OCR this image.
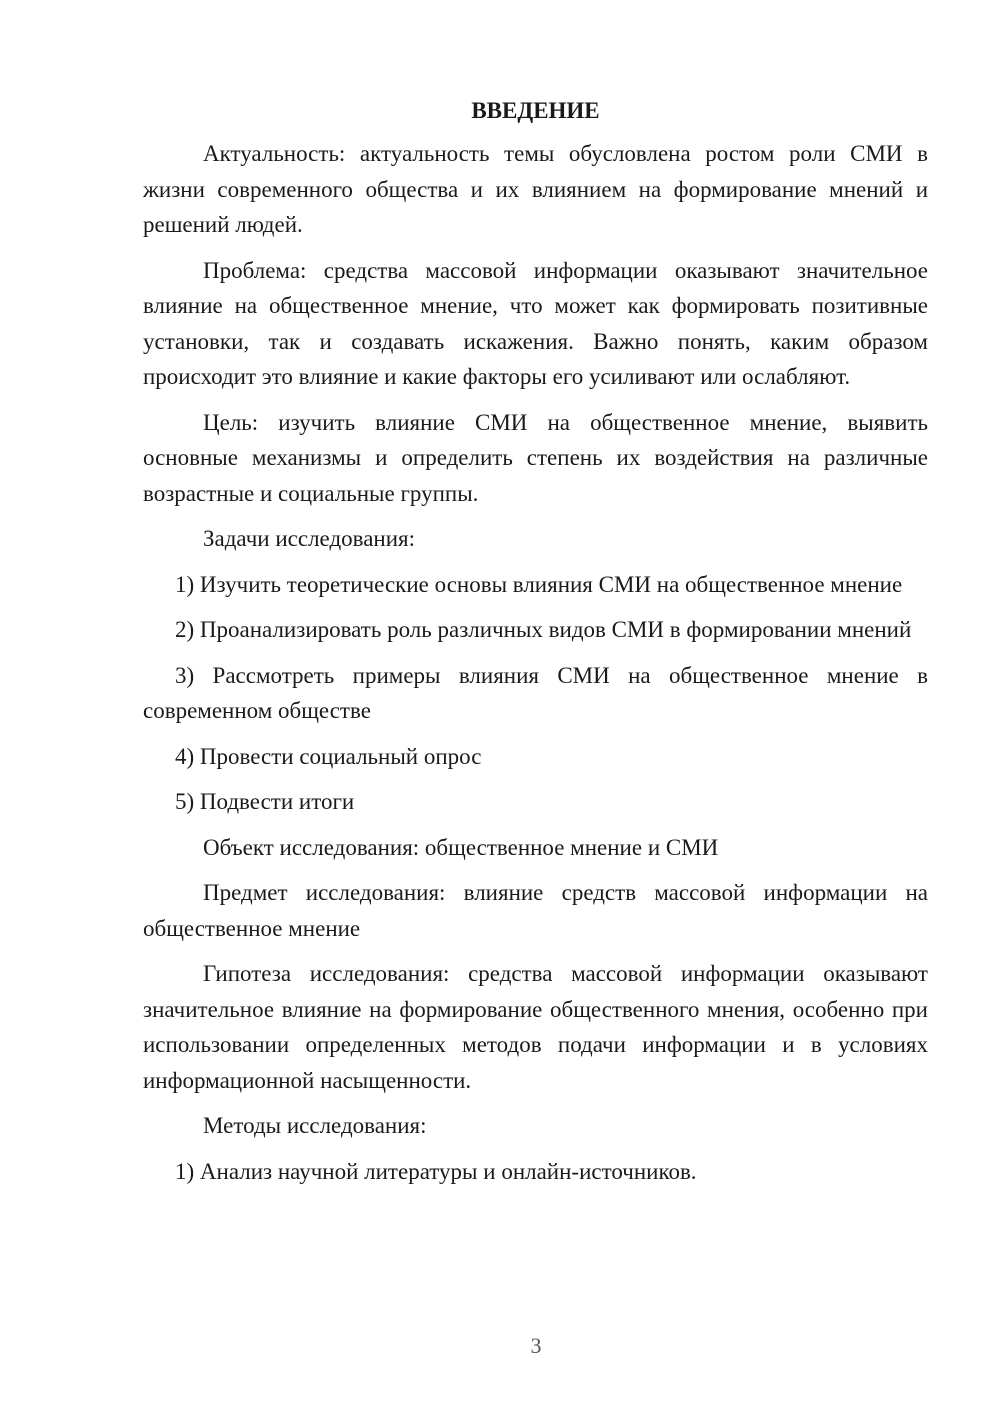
ВВЕДЕНИЕ

Актуальность: актуальность темы обусловлена ростом роли СМИ в жизни современного общества и их влиянием на формирование мнений и решений людей.

Проблема: средства массовой информации оказывают значительное влияние на общественное мнение, что может как формировать позитивные установки, так и создавать искажения. Важно понять, каким образом происходит это влияние и какие факторы его усиливают или ослабляют.

Цель: изучить влияние СМИ на общественное мнение, выявить основные механизмы и определить степень их воздействия на различные возрастные и социальные группы.

Задачи исследования:

1) Изучить теоретические основы влияния СМИ на общественное мнение

2) Проанализировать роль различных видов СМИ в формировании мнений

3) Рассмотреть примеры влияния СМИ на общественное мнение в современном обществе

4) Провести социальный опрос

5) Подвести итоги

Объект исследования: общественное мнение и СМИ

Предмет исследования: влияние средств массовой информации на общественное мнение

Гипотеза исследования: средства массовой информации оказывают значительное влияние на формирование общественного мнения, особенно при использовании определенных методов подачи информации и в условиях информационной насыщенности.

Методы исследования:

1) Анализ научной литературы и онлайн-источников.

3
